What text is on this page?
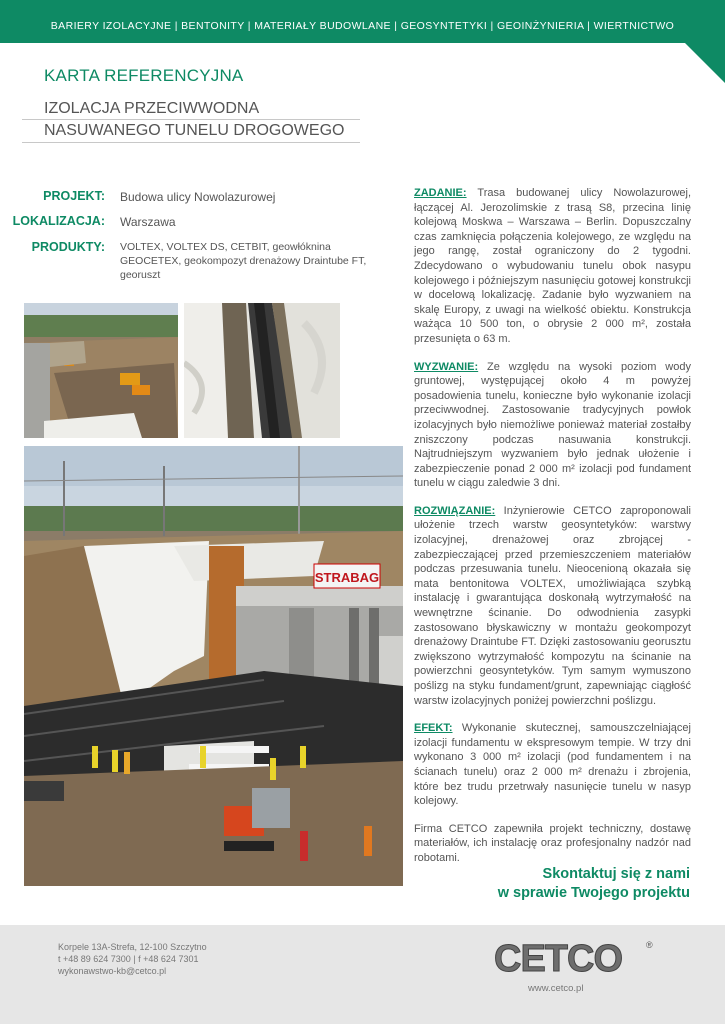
BARIERY IZOLACYJNE | BENTONITY | MATERIAŁY BUDOWLANE | GEOSYNTETYKI | GEOINŻYNIERIA | WIERTNICTWO
KARTA REFERENCYJNA
IZOLACJA PRZECIWWODNA
NASUWANEGO TUNELU DROGOWEGO
PROJEKT: Budowa ulicy Nowolazurowej
LOKALIZACJA: Warszawa
PRODUKTY: VOLTEX, VOLTEX DS, CETBIT, geowłóknina
GEOCETEX, geokompozyt drenażowy Draintube FT,
georuszt
STRABAG

ZADANIE: Trasa budowanej ulicy Nowolazurowej, łączącej Al. Jerozolimskie z trasą S8, przecina linię kolejową Moskwa – Warszawa – Berlin. Dopuszczalny czas zamknięcia połączenia kolejowego, ze względu na jego rangę, został ograniczony do 2 tygodni. Zdecydowano o wybudowaniu tunelu obok nasypu kolejowego i późniejszym nasunięciu gotowej konstrukcji w docelową lokalizację. Zadanie było wyzwaniem na skalę Europy, z uwagi na wielkość obiektu. Konstrukcja ważąca 10 500 ton, o obrysie 2 000 m², została przesunięta o 63 m.

WYZWANIE: Ze względu na wysoki poziom wody gruntowej, występującej około 4 m powyżej posadowienia tunelu, konieczne było wykonanie izolacji przeciwwodnej. Zastosowanie tradycyjnych powłok izolacyjnych było niemożliwe ponieważ materiał zostałby zniszczony podczas nasuwania konstrukcji. Najtrudniejszym wyzwaniem było jednak ułożenie i zabezpieczenie ponad 2 000 m² izolacji pod fundament tunelu w ciągu zaledwie 3 dni.

ROZWIĄZANIE: Inżynierowie CETCO zaproponowali ułożenie trzech warstw geosyntetyków: warstwy izolacyjnej, drenażowej oraz zbrojącej - zabezpieczającej przed przemieszczeniem materiałów podczas przesuwania tunelu. Nieocenioną okazała się mata bentonitowa VOLTEX, umożliwiająca szybką instalację i gwarantująca doskonałą wytrzymałość na wewnętrzne ścinanie. Do odwodnienia zasypki zastosowano błyskawiczny w montażu geokompozyt drenażowy Draintube FT. Dzięki zastosowaniu georusztu zwiększono wytrzymałość kompozytu na ścinanie na powierzchni geosyntetyków. Tym samym wymuszono poślizg na styku fundament/grunt, zapewniając ciągłość warstw izolacyjnych poniżej powierzchni poślizgu.

EFEKT: Wykonanie skutecznej, samouszczelniającej izolacji fundamentu w ekspresowym tempie. W trzy dni wykonano 3 000 m² izolacji (pod fundamentem i na ścianach tunelu) oraz 2 000 m² drenażu i zbrojenia, które bez trudu przetrwały nasunięcie tunelu w nasyp kolejowy.

Firma CETCO zapewniła projekt techniczny, dostawę materiałów, ich instalację oraz profesjonalny nadzór nad robotami.

Skontaktuj się z nami
w sprawie Twojego projektu
Korpele 13A-Strefa, 12-100 Szczytno
t +48 89 624 7300 | f +48 624 7301
wykonawstwo-kb@cetco.pl	CETCO	®
www.cetco.pl
